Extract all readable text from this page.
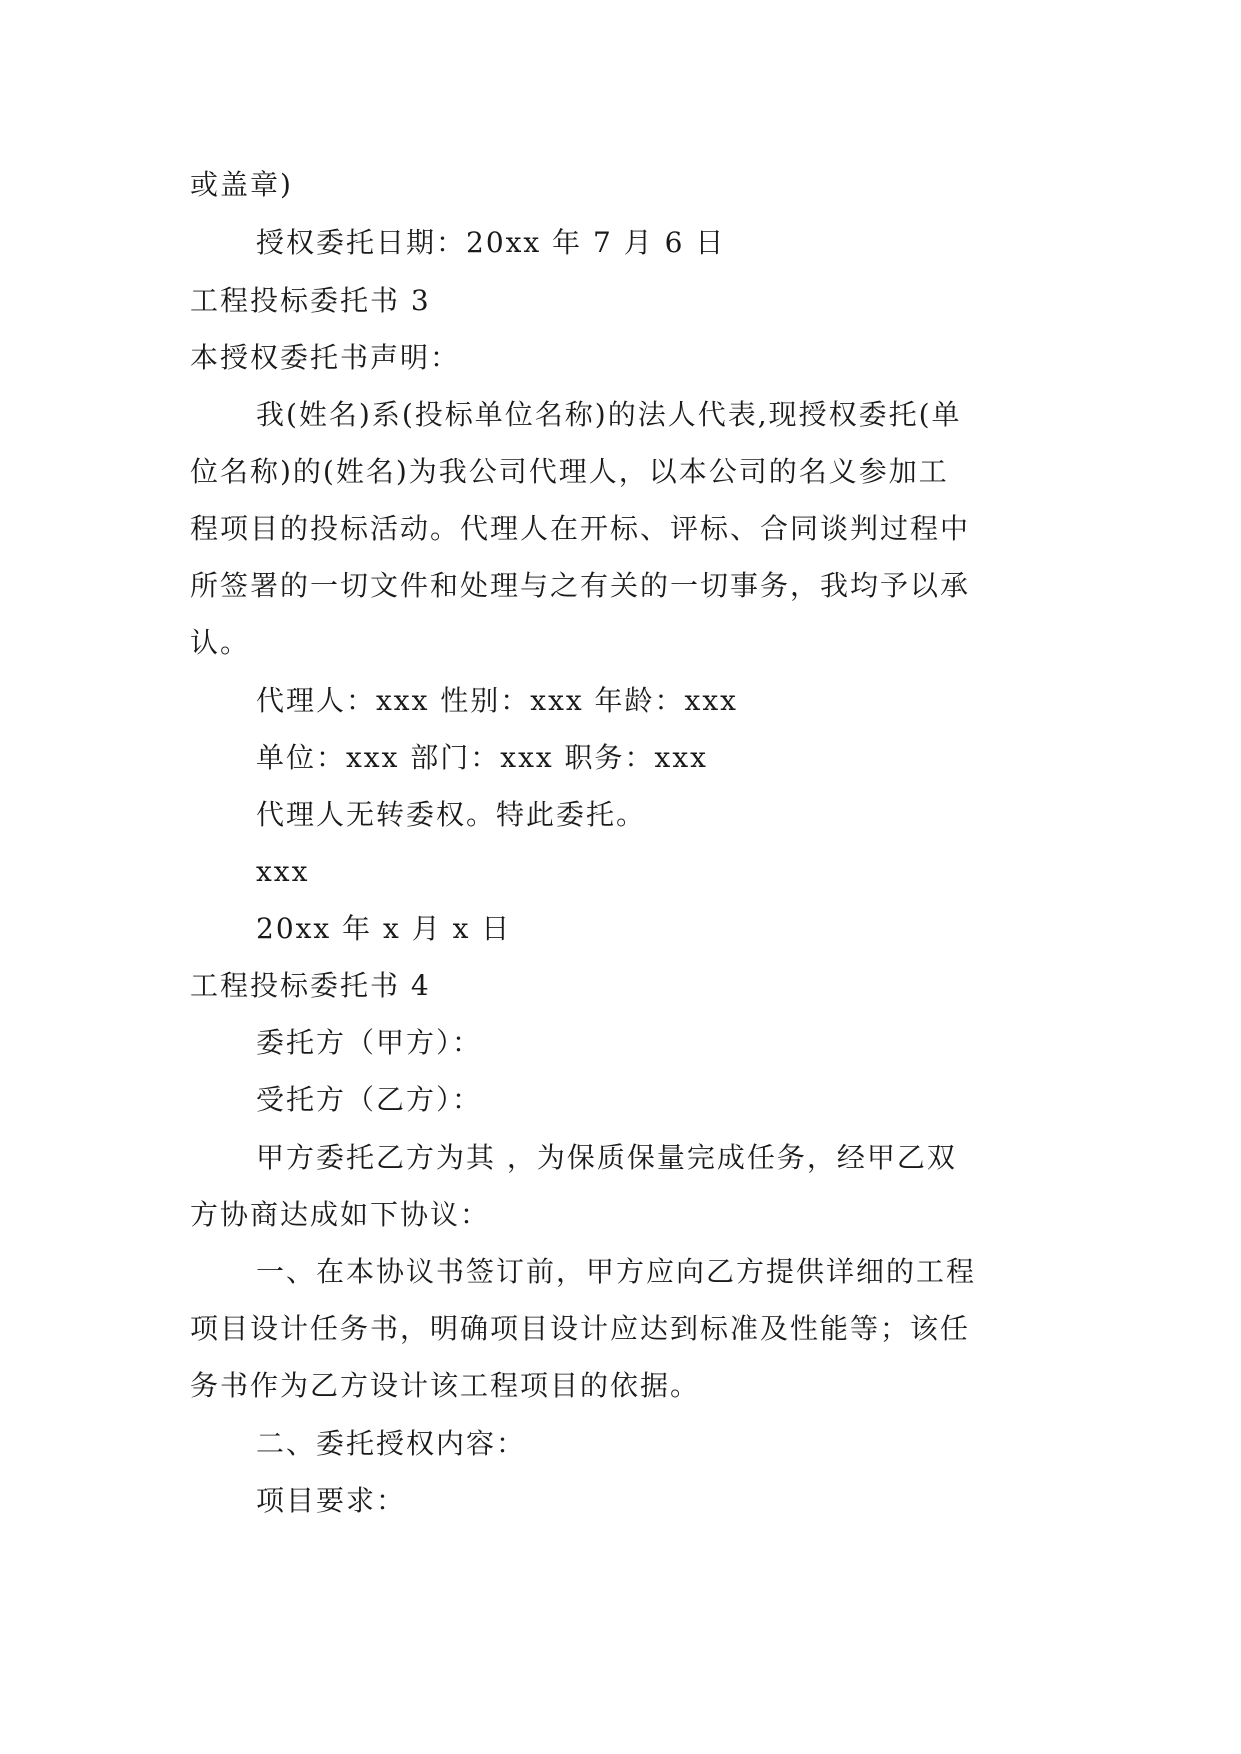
或盖章)
授权委托日期：20xx 年 7 月 6 日
工程投标委托书 3
本授权委托书声明：
我(姓名)系(投标单位名称)的法人代表,现授权委托(单
位名称)的(姓名)为我公司代理人，以本公司的名义参加工
程项目的投标活动。代理人在开标、评标、合同谈判过程中
所签署的一切文件和处理与之有关的一切事务，我均予以承
认。
代理人：xxx 性别：xxx 年龄：xxx
单位：xxx 部门：xxx 职务：xxx
代理人无转委权。特此委托。
xxx
20xx 年 x 月 x 日
工程投标委托书 4
委托方（甲方）：
受托方（乙方）：
甲方委托乙方为其 ，为保质保量完成任务，经甲乙双
方协商达成如下协议：
一、在本协议书签订前，甲方应向乙方提供详细的工程
项目设计任务书，明确项目设计应达到标准及性能等；该任
务书作为乙方设计该工程项目的依据。
二、委托授权内容：
项目要求：
